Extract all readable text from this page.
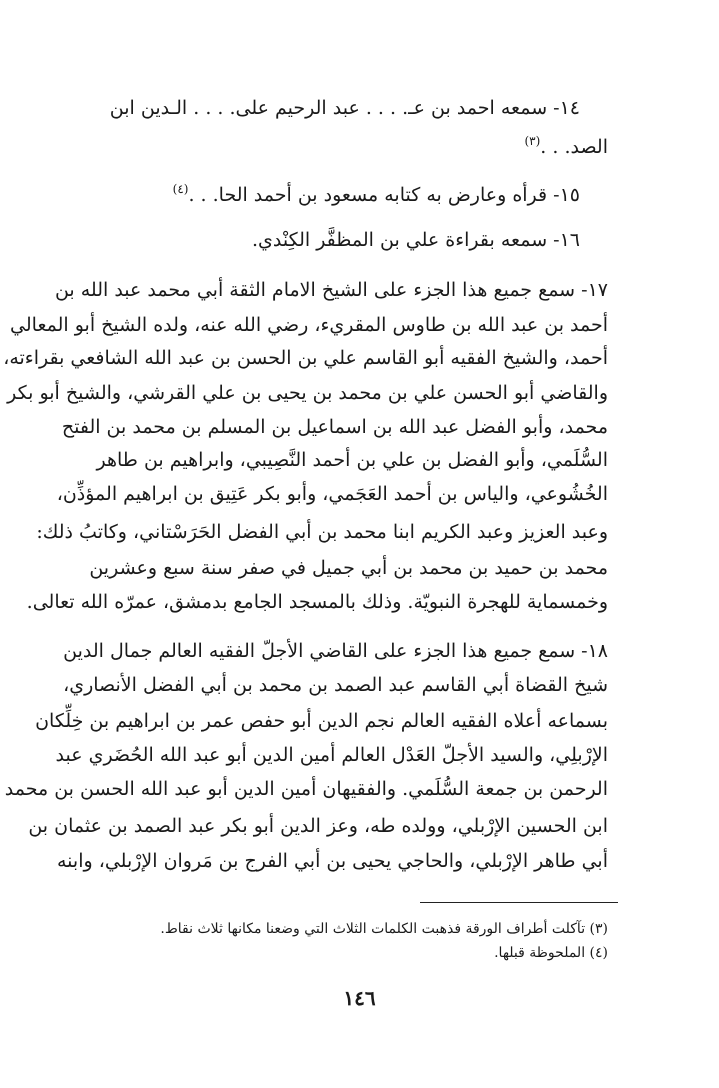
١٤- سمعه احمد بن عـ. . . . عبد الرحيم على. . . . الـدين ابن
الصد. . .$^{(٣)}$
١٥- قرأه وعارض به كتابه مسعود بن أحمد الحا. . .$^{(٤)}$
١٦- سمعه بقراءة علي بن المظفَّر الكِنْدي.
١٧- سمع جميع هذا الجزء على الشيخ الامام الثقة أبي محمد عبد الله بن
أحمد بن عبد الله بن طاوس المقريء، رضي الله عنه، ولده الشيخ أبو المعالي
أحمد، والشيخ الفقيه أبو القاسم علي بن الحسن بن عبد الله الشافعي بقراءته،
والقاضي أبو الحسن علي بن محمد بن يحيى بن علي القرشي، والشيخ أبو بكر
محمد، وأبو الفضل عبد الله بن اسماعيل بن المسلم بن محمد بن الفتح
السُّلَمي، وأبو الفضل بن علي بن أحمد النَّصِيبي، وابراهيم بن طاهر
الخُشُوعي، والياس بن أحمد العَجَمي، وأبو بكر عَتِيق بن ابراهيم المؤذِّن،
وعبد العزيز وعبد الكريم ابنا محمد بن أبي الفضل الحَرَسْتاني، وكاتبُ ذلك:
محمد بن حميد بن محمد بن أبي جميل في صفر سنة سبع وعشرين
وخمسماية للهجرة النبويّة. وذلك بالمسجد الجامع بدمشق، عمرّه الله تعالى.
١٨- سمع جميع هذا الجزء على القاضي الأجلّ الفقيه العالم جمال الدين
شيخ القضاة أبي القاسم عبد الصمد بن محمد بن أبي الفضل الأنصاري،
بسماعه أعلاه الفقيه العالم نجم الدين أبو حفص عمر بن ابراهيم بن خِلِّكان
الإرْبلِي، والسيد الأجلّ العَدْل العالم أمين الدين أبو عبد الله الحُضَري عبد
الرحمن بن جمعة السُّلَمي. والفقيهان أمين الدين أبو عبد الله الحسن بن محمد
ابن الحسين الإرْبلي، وولده طه، وعز الدين أبو بكر عبد الصمد بن عثمان بن
أبي طاهر الإرْبلي، والحاجي يحيى بن أبي الفرج بن مَروان الإرْبلي، وابنه
(٣) تآكلت أطراف الورقة فذهبت الكلمات الثلاث التي وضعنا مكانها ثلاث نقاط.
(٤) الملحوظة قبلها.
١٤٦
